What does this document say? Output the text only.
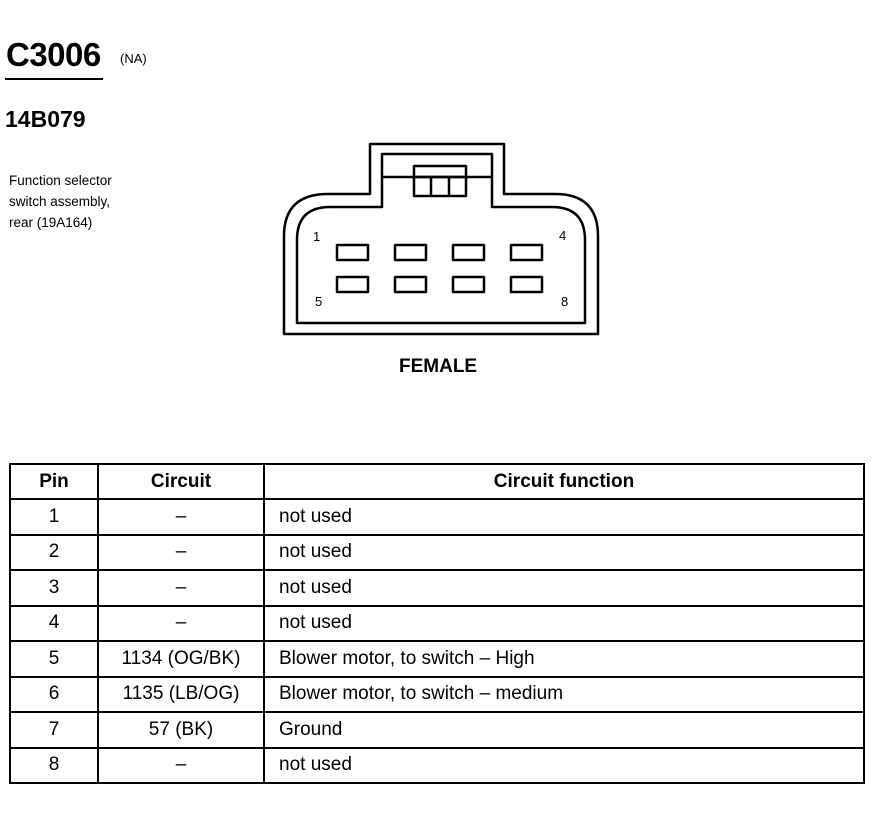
C3006 (NA)
14B079
Function selector
switch assembly,
rear (19A164)
1	4
5	8
FEMALE
Pin	Circuit	Circuit function
1	–	not used
2	–	not used
3	–	not used
4	–	not used
5	1134 (OG/BK)	Blower motor, to switch – High
6	1135 (LB/OG)	Blower motor, to switch – medium
7	57 (BK)	Ground
8	–	not used
